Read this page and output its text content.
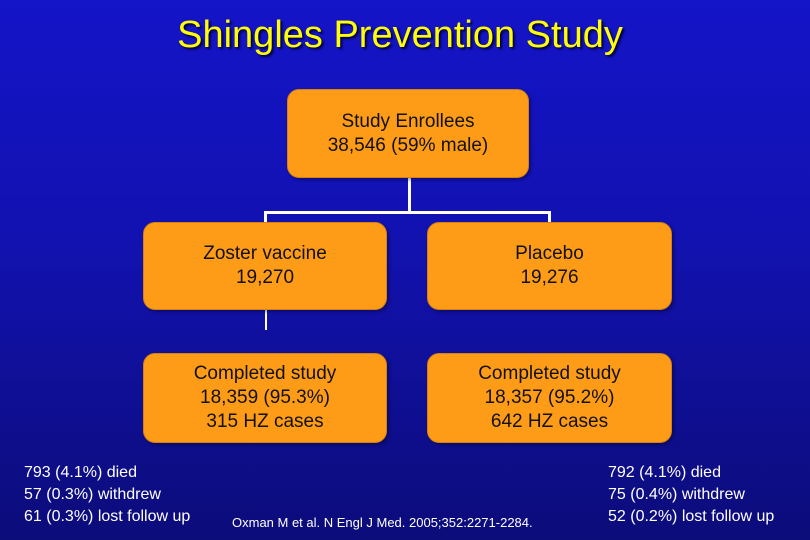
Shingles Prevention Study
Study Enrollees
38,546 (59% male)
Zoster vaccine
19,270
Placebo
19,276
Completed study
18,359 (95.3%)
315 HZ cases
Completed study
18,357 (95.2%)
642 HZ cases
793 (4.1%) died
57 (0.3%) withdrew
61 (0.3%) lost follow up
792 (4.1%) died
75 (0.4%) withdrew
52 (0.2%) lost follow up
Oxman M et al. N Engl J Med. 2005;352:2271-2284.
